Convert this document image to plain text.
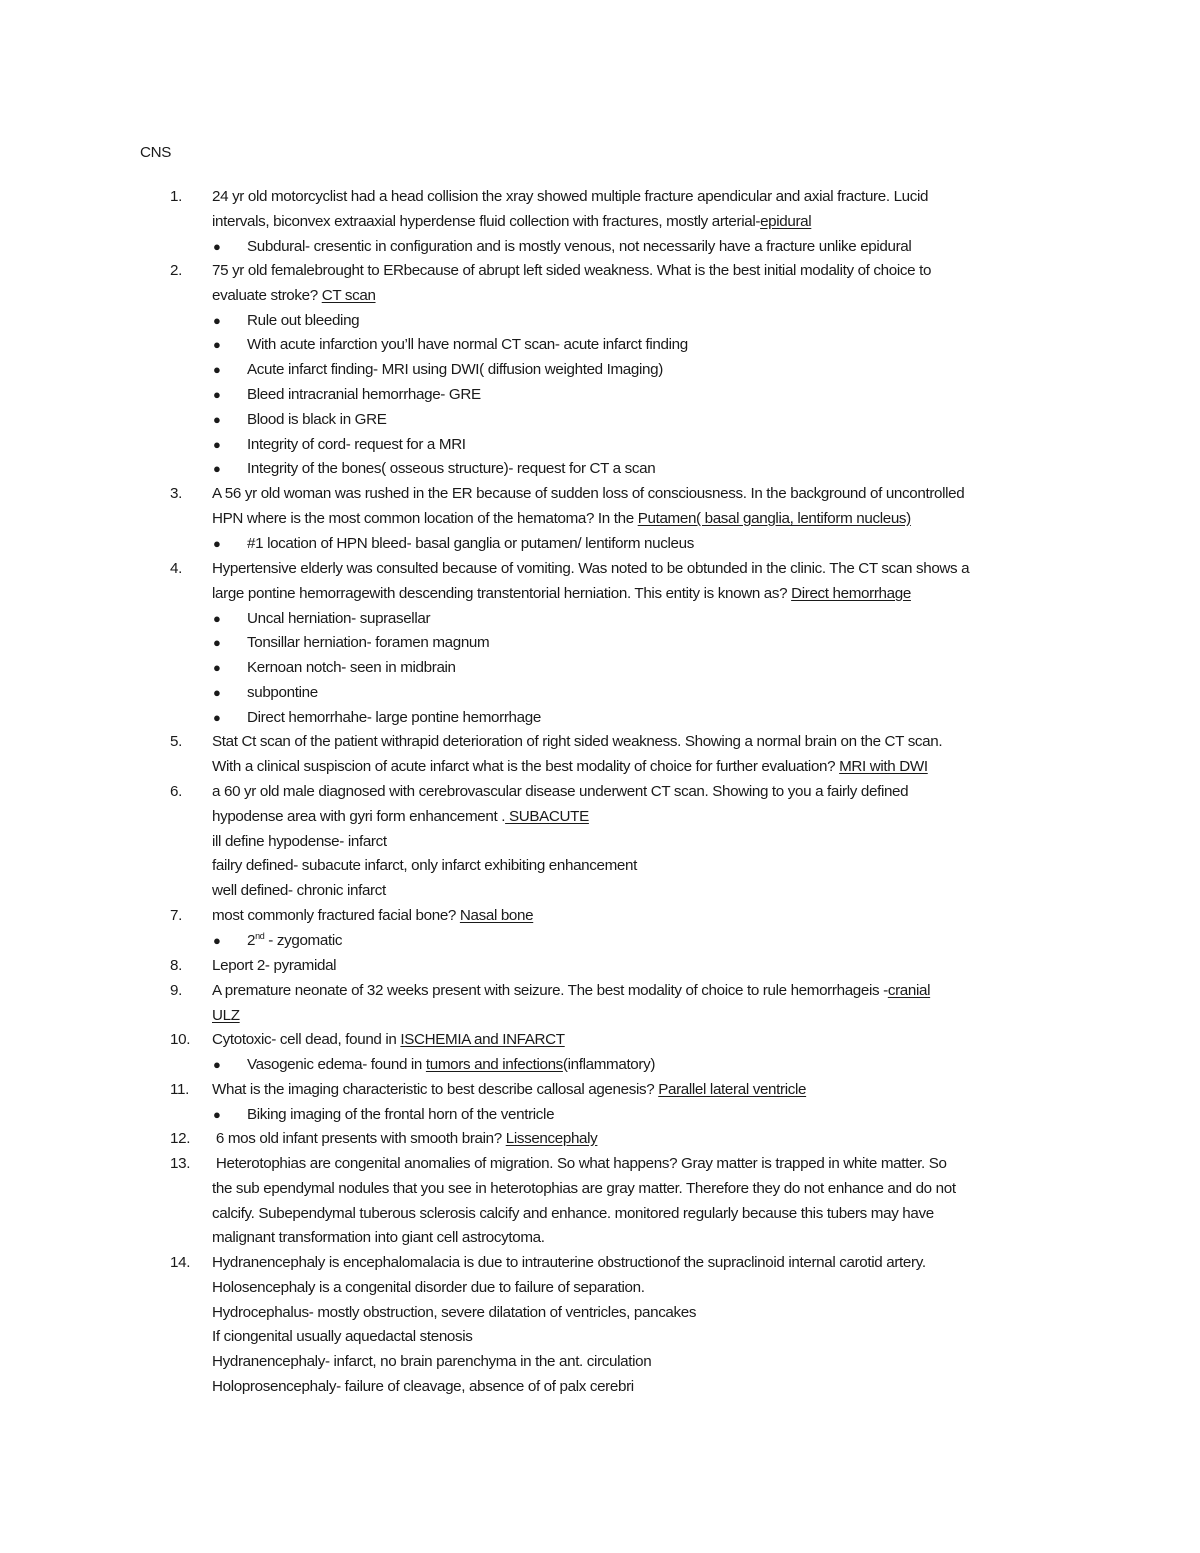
CNS
1.	24 yr old motorcyclist had a head collision the xray showed multiple fracture apendicular and axial fracture. Lucid
intervals, biconvex extraaxial hyperdense fluid collection with fractures, mostly arterial-epidural
● Subdural- cresentic in configuration and is mostly venous, not necessarily have a fracture unlike epidural
2.	75 yr old femalebrought to ERbecause of abrupt left sided weakness. What is the best initial modality of choice to
evaluate stroke? CT scan
● Rule out bleeding
● With acute infarction you’ll have normal CT scan- acute infarct finding
● Acute infarct finding- MRI using DWI( diffusion weighted Imaging)
● Bleed intracranial hemorrhage- GRE
● Blood is black in GRE
● Integrity of cord- request for a MRI
● Integrity of the bones( osseous structure)- request for CT a scan
3.	A 56 yr old woman was rushed in the ER because of sudden loss of consciousness. In the background of uncontrolled
HPN where is the most common location of the hematoma? In the Putamen( basal ganglia, lentiform nucleus)
● #1 location of HPN bleed- basal ganglia or putamen/ lentiform nucleus
4.	Hypertensive elderly was consulted because of vomiting. Was noted to be obtunded in the clinic. The CT scan shows a
large pontine hemorragewith descending transtentorial herniation. This entity is known as? Direct hemorrhage
● Uncal herniation- suprasellar
● Tonsillar herniation- foramen magnum
● Kernoan notch- seen in midbrain
● subpontine
● Direct hemorrhahe- large pontine hemorrhage
5.	Stat Ct scan of the patient withrapid deterioration of right sided weakness. Showing a normal brain on the CT scan.
With a clinical suspiscion of acute infarct what is the best modality of choice for further evaluation? MRI with DWI
6.	a 60 yr old male diagnosed with cerebrovascular disease underwent CT scan. Showing to you a fairly defined
hypodense area with gyri form enhancement . SUBACUTE
ill define hypodense- infarct
failry defined- subacute infarct, only infarct exhibiting enhancement
well defined- chronic infarct
7.	most commonly fractured facial bone? Nasal bone
● 2nd - zygomatic
8.	Leport 2- pyramidal
9.	A premature neonate of 32 weeks present with seizure. The best modality of choice to rule hemorrhageis -cranial
ULZ
10.	Cytotoxic- cell dead, found in ISCHEMIA and INFARCT
● Vasogenic edema- found in tumors and infections(inflammatory)
11.	What is the imaging characteristic to best describe callosal agenesis? Parallel lateral ventricle
● Biking imaging of the frontal horn of the ventricle
12.	6 mos old infant presents with smooth brain? Lissencephaly
13.	Heterotophias are congenital anomalies of migration. So what happens? Gray matter is trapped in white matter. So
the sub ependymal nodules that you see in heterotophias are gray matter. Therefore they do not enhance and do not
calcify. Subependymal tuberous sclerosis calcify and enhance. monitored regularly because this tubers may have
malignant transformation into giant cell astrocytoma.
14.	Hydranencephaly is encephalomalacia is due to intrauterine obstructionof the supraclinoid internal carotid artery.
Holosencephaly is a congenital disorder due to failure of separation.
Hydrocephalus- mostly obstruction, severe dilatation of ventricles, pancakes
If ciongenital usually aquedactal stenosis
Hydranencephaly- infarct, no brain parenchyma in the ant. circulation
Holoprosencephaly- failure of cleavage, absence of of palx cerebri
